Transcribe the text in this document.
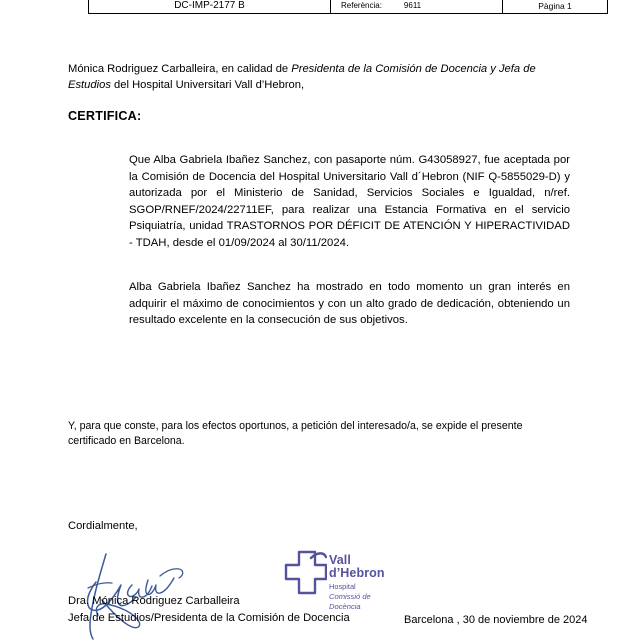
DC-IMP-2177 B	Referència:	9611	Pàgina 1
Mónica Rodriguez Carballeira, en calidad de Presidenta de la Comisión de Docencia y Jefa de Estudios del Hospital Universitari Vall d’Hebron,
CERTIFICA:
Que Alba Gabriela Ibañez Sanchez, con pasaporte núm. G43058927, fue aceptada por la Comisión de Docencia del Hospital Universitario Vall d´Hebron (NIF Q-5855029-D) y autorizada por el Ministerio de Sanidad, Servicios Sociales e Igualdad, n/ref. SGOP/RNEF/2024/22711EF, para realizar una Estancia Formativa en el servicio Psiquiatría, unidad TRASTORNOS POR DÉFICIT DE ATENCIÓN Y HIPERACTIVIDAD - TDAH, desde el 01/09/2024 al 30/11/2024.
Alba Gabriela Ibañez Sanchez ha mostrado en todo momento un gran interés en adquirir el máximo de conocimientos y con un alto grado de dedicación, obteniendo un resultado excelente en la consecución de sus objetivos.
Y, para que conste, para los efectos oportunos, a petición del interesado/a, se expide el presente certificado en Barcelona.
Cordialmente,
Vall d’Hebron
Hospital
Comissió de Docència
Dra. Mónica Rodriguez Carballeira
Jefa de Estudios/Presidenta de la Comisión de Docencia	Barcelona , 30 de noviembre de 2024
